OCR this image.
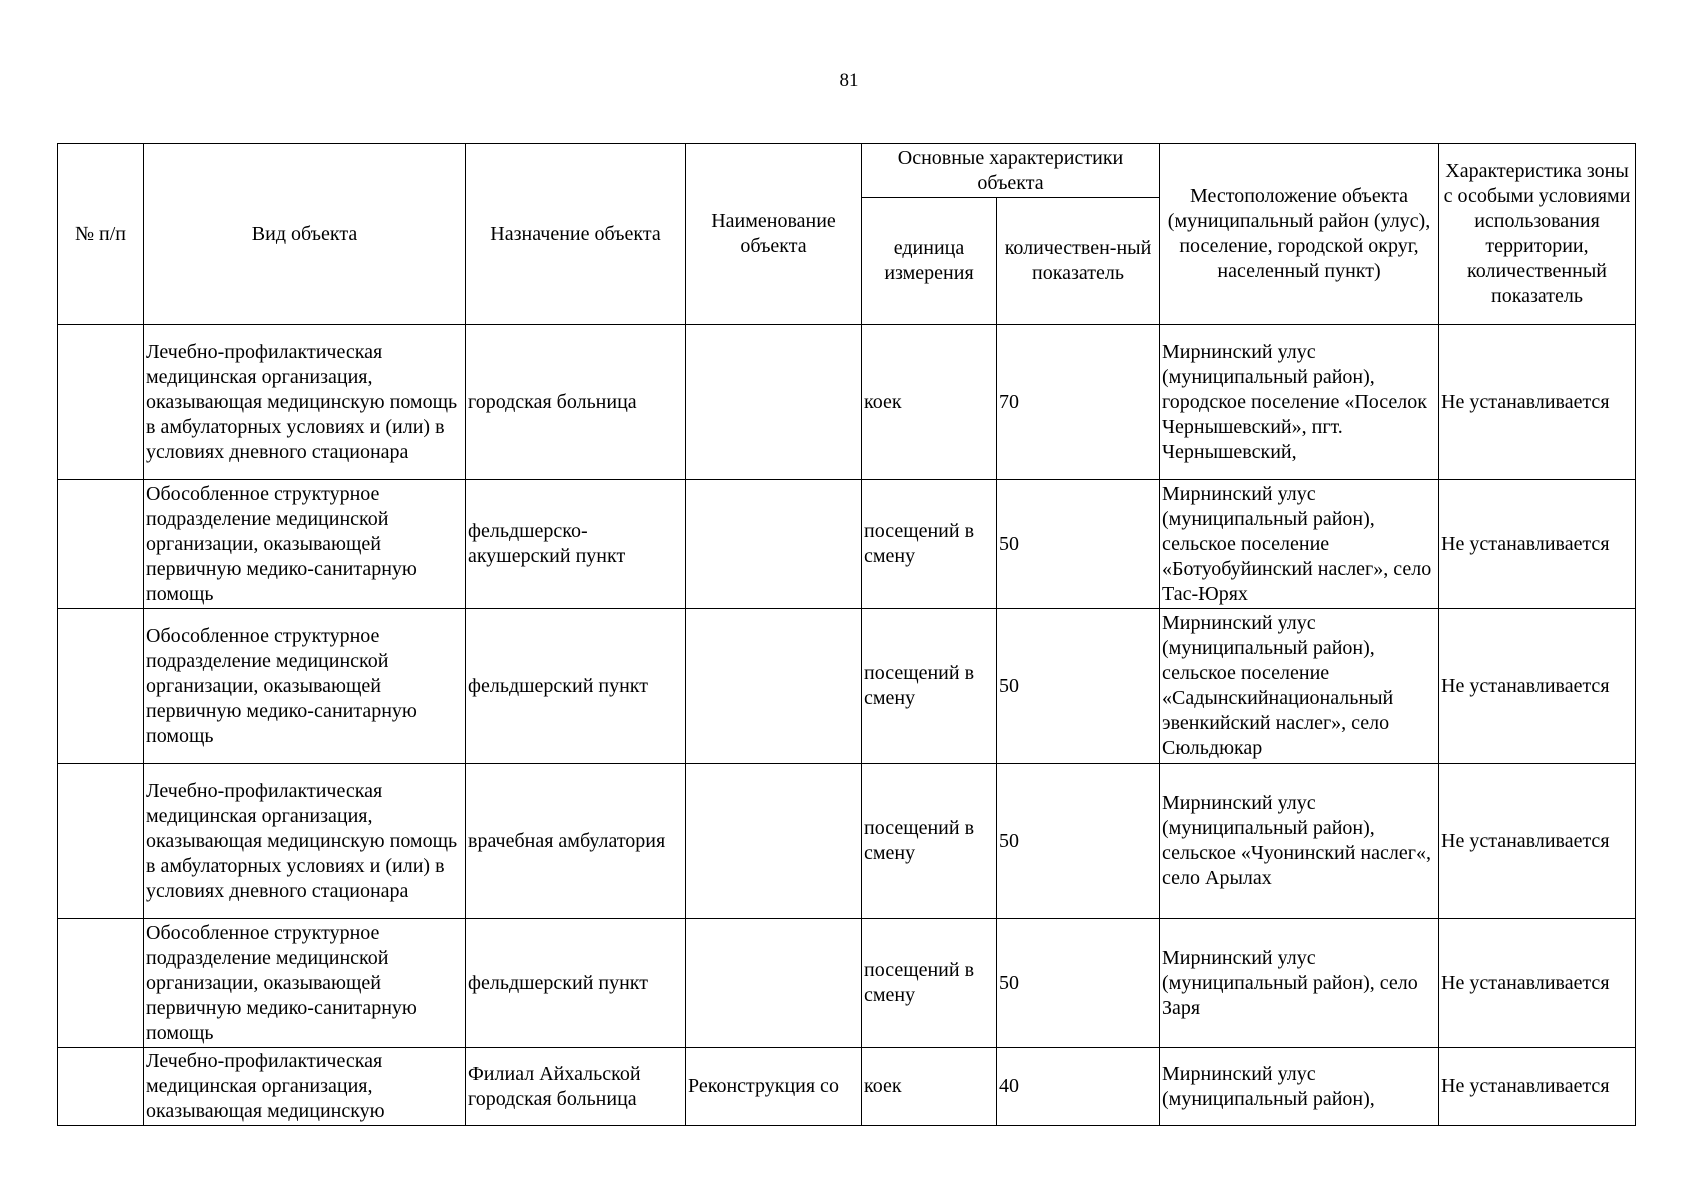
81
№ п/п	Вид объекта	Назначение объекта	Наименование объекта	Основные характеристики объекта		Местоположение объекта (муниципальный район (улус), поселение, городской округ, населенный пункт)	Характеристика зоны с особыми условиями использования территории, количественный показатель
				единица измерения	количествен-ный показатель		
	Лечебно-профилактическая медицинская организация, оказывающая медицинскую помощь в амбулаторных условиях и (или) в условиях дневного стационара	городская больница		коек	70	Мирнинский улус (муниципальный район), городское поселение «Поселок Чернышевский», пгт. Чернышевский,	Не устанавливается
	Обособленное структурное подразделение медицинской организации, оказывающей первичную медико-санитарную помощь	фельдшерско-акушерский пункт		посещений в смену	50	Мирнинский улус (муниципальный район), сельское поселение «Ботуобуйинский наслег», село Тас-Юрях	Не устанавливается
	Обособленное структурное подразделение медицинской организации, оказывающей первичную медико-санитарную помощь	фельдшерский пункт		посещений в смену	50	Мирнинский улус (муниципальный район), сельское поселение «Садынскийнациональный эвенкийский наслег», село Сюльдюкар	Не устанавливается
	Лечебно-профилактическая медицинская организация, оказывающая медицинскую помощь в амбулаторных условиях и (или) в условиях дневного стационара	врачебная амбулатория		посещений в смену	50	Мирнинский улус (муниципальный район), сельское «Чуонинский наслег«, село Арылах	Не устанавливается
	Обособленное структурное подразделение медицинской организации, оказывающей первичную медико-санитарную помощь	фельдшерский пункт		посещений в смену	50	Мирнинский улус (муниципальный район), село Заря	Не устанавливается
	Лечебно-профилактическая медицинская организация, оказывающая медицинскую	Филиал Айхальской городская больница	Реконструкция со	коек	40	Мирнинский улус (муниципальный район),	Не устанавливается
